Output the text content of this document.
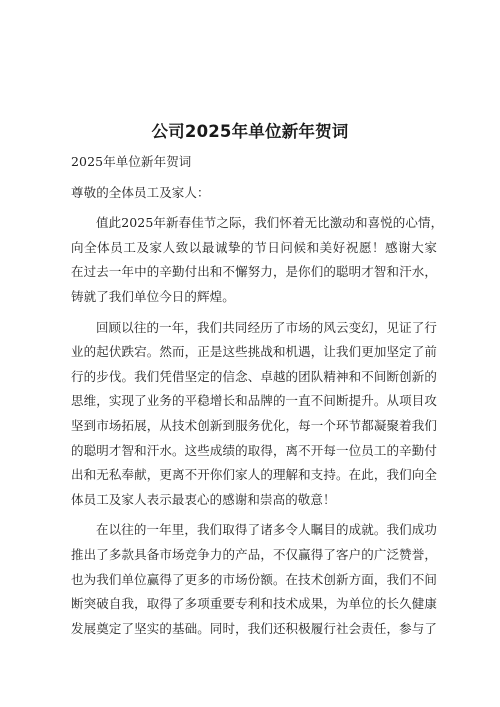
公司2025年单位新年贺词
2025年单位新年贺词
尊敬的全体员工及家人：
值此2025年新春佳节之际，我们怀着无比激动和喜悦的心情，
向全体员工及家人致以最诚挚的节日问候和美好祝愿！感谢大家
在过去一年中的辛勤付出和不懈努力，是你们的聪明才智和汗水，
铸就了我们单位今日的辉煌。
回顾以往的一年，我们共同经历了市场的风云变幻，见证了行
业的起伏跌宕。然而，正是这些挑战和机遇，让我们更加坚定了前
行的步伐。我们凭借坚定的信念、卓越的团队精神和不间断创新的
思维，实现了业务的平稳增长和品牌的一直不间断提升。从项目攻
坚到市场拓展，从技术创新到服务优化，每一个环节都凝聚着我们
的聪明才智和汗水。这些成绩的取得，离不开每一位员工的辛勤付
出和无私奉献，更离不开你们家人的理解和支持。在此，我们向全
体员工及家人表示最衷心的感谢和崇高的敬意！
在以往的一年里，我们取得了诸多令人瞩目的成就。我们成功
推出了多款具备市场竞争力的产品，不仅赢得了客户的广泛赞誉，
也为我们单位赢得了更多的市场份额。在技术创新方面，我们不间
断突破自我，取得了多项重要专利和技术成果，为单位的长久健康
发展奠定了坚实的基础。同时，我们还积极履行社会责任，参与了
